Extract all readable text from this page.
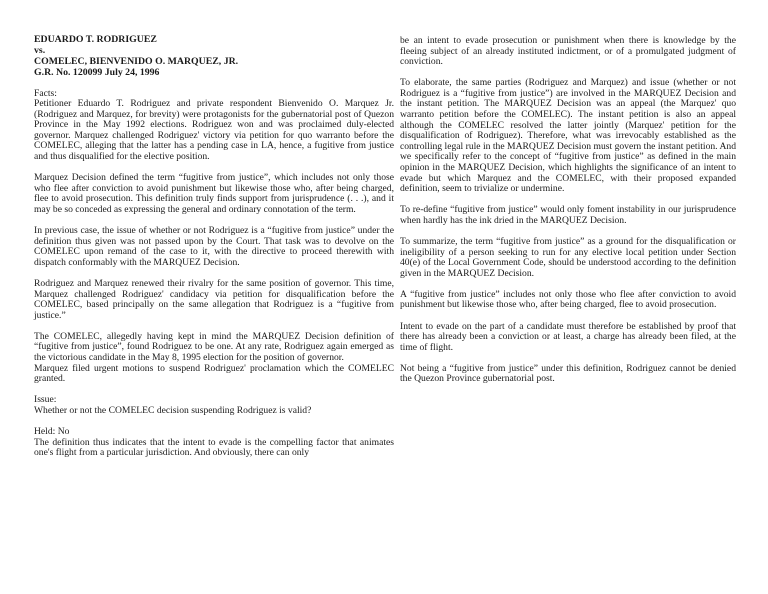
EDUARDO T. RODRIGUEZ
vs.
COMELEC, BIENVENIDO O. MARQUEZ, JR.
G.R. No. 120099 July 24, 1996

Facts:
Petitioner Eduardo T. Rodriguez and private respondent Bienvenido O. Marquez Jr. (Rodriguez and Marquez, for brevity) were protagonists for the gubernatorial post of Quezon Province in the May 1992 elections. Rodriguez won and was proclaimed duly-elected governor. Marquez challenged Rodriguez' victory via petition for quo warranto before the COMELEC, alleging that the latter has a pending case in LA, hence, a fugitive from justice and thus disqualified for the elective position.

Marquez Decision defined the term “fugitive from justice”, which includes not only those who flee after conviction to avoid punishment but likewise those who, after being charged, flee to avoid prosecution. This definition truly finds support from jurisprudence (. . .), and it may be so conceded as expressing the general and ordinary connotation of the term.

In previous case, the issue of whether or not Rodriguez is a “fugitive from justice” under the definition thus given was not passed upon by the Court. That task was to devolve on the COMELEC upon remand of the case to it, with the directive to proceed therewith with dispatch conformably with the MARQUEZ Decision.

Rodriguez and Marquez renewed their rivalry for the same position of governor. This time, Marquez challenged Rodriguez' candidacy via petition for disqualification before the COMELEC, based principally on the same allegation that Rodriguez is a “fugitive from justice.”

The COMELEC, allegedly having kept in mind the MARQUEZ Decision definition of “fugitive from justice”, found Rodriguez to be one. At any rate, Rodriguez again emerged as the victorious candidate in the May 8, 1995 election for the position of governor.
Marquez filed urgent motions to suspend Rodriguez' proclamation which the COMELEC granted.

Issue:
Whether or not the COMELEC decision suspending Rodriguez is valid?

Held: No
The definition thus indicates that the intent to evade is the compelling factor that animates one's flight from a particular jurisdiction. And obviously, there can only

be an intent to evade prosecution or punishment when there is knowledge by the fleeing subject of an already instituted indictment, or of a promulgated judgment of conviction.

To elaborate, the same parties (Rodriguez and Marquez) and issue (whether or not Rodriguez is a “fugitive from justice”) are involved in the MARQUEZ Decision and the instant petition. The MARQUEZ Decision was an appeal (the Marquez' quo warranto petition before the COMELEC). The instant petition is also an appeal although the COMELEC resolved the latter jointly (Marquez' petition for the disqualification of Rodriguez). Therefore, what was irrevocably established as the controlling legal rule in the MARQUEZ Decision must govern the instant petition. And we specifically refer to the concept of “fugitive from justice” as defined in the main opinion in the MARQUEZ Decision, which highlights the significance of an intent to evade but which Marquez and the COMELEC, with their proposed expanded definition, seem to trivialize or undermine.

To re-define “fugitive from justice” would only foment instability in our jurisprudence when hardly has the ink dried in the MARQUEZ Decision.

To summarize, the term “fugitive from justice” as a ground for the disqualification or ineligibility of a person seeking to run for any elective local petition under Section 40(e) of the Local Government Code, should be understood according to the definition given in the MARQUEZ Decision.

A “fugitive from justice” includes not only those who flee after conviction to avoid punishment but likewise those who, after being charged, flee to avoid prosecution.

Intent to evade on the part of a candidate must therefore be established by proof that there has already been a conviction or at least, a charge has already been filed, at the time of flight.

Not being a “fugitive from justice” under this definition, Rodriguez cannot be denied the Quezon Province gubernatorial post.
